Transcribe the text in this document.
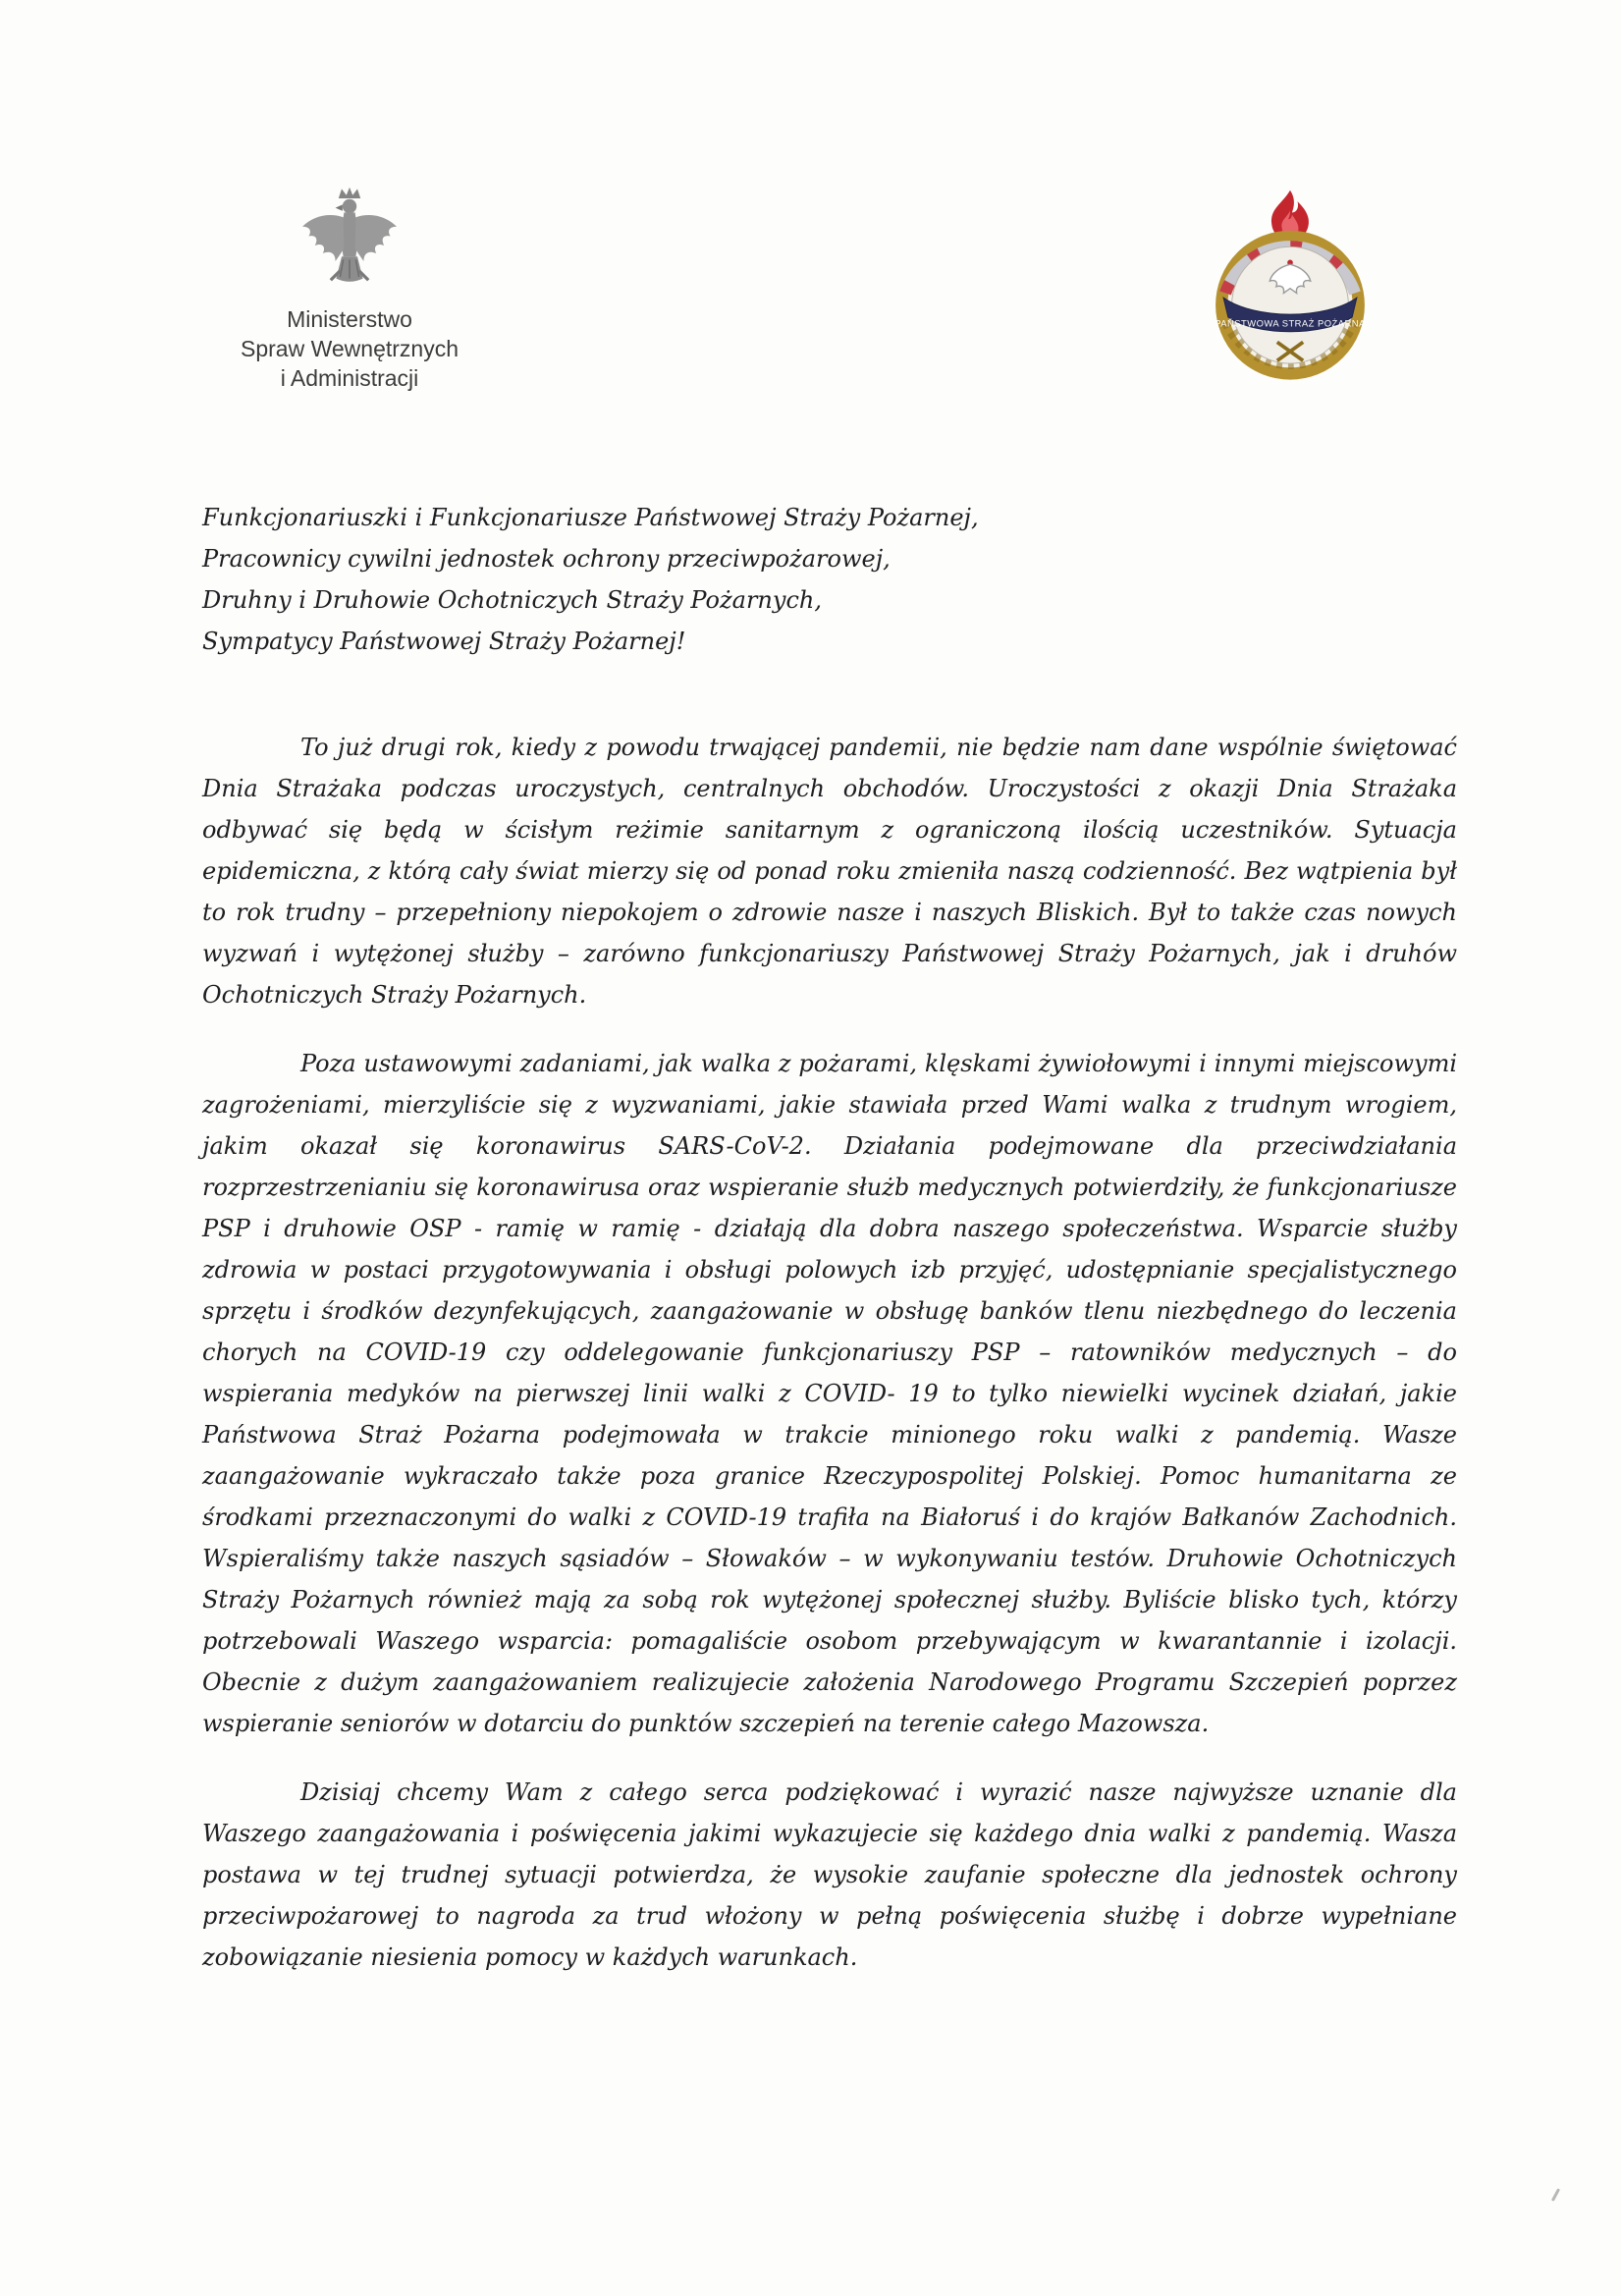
Ministerstwo
Spraw Wewnętrznych
i Administracji
PAŃSTWOWA STRAŻ POŻARNA
Funkcjonariuszki i Funkcjonariusze Państwowej Straży Pożarnej,
Pracownicy cywilni jednostek ochrony przeciwpożarowej,
Druhny i Druhowie Ochotniczych Straży Pożarnych,
Sympatycy Państwowej Straży Pożarnej!

To już drugi rok, kiedy z powodu trwającej pandemii, nie będzie nam dane wspólnie świętować Dnia Strażaka podczas uroczystych, centralnych obchodów. Uroczystości z okazji Dnia Strażaka odbywać się będą w ścisłym reżimie sanitarnym z ograniczoną ilością uczestników. Sytuacja epidemiczna, z którą cały świat mierzy się od ponad roku zmieniła naszą codzienność. Bez wątpienia był to rok trudny – przepełniony niepokojem o zdrowie nasze i naszych Bliskich. Był to także czas nowych wyzwań i wytężonej służby – zarówno funkcjonariuszy Państwowej Straży Pożarnych, jak i druhów Ochotniczych Straży Pożarnych.

Poza ustawowymi zadaniami, jak walka z pożarami, klęskami żywiołowymi i innymi miejscowymi zagrożeniami, mierzyliście się z wyzwaniami, jakie stawiała przed Wami walka z trudnym wrogiem, jakim okazał się koronawirus SARS-CoV-2. Działania podejmowane dla przeciwdziałania rozprzestrzenianiu się koronawirusa oraz wspieranie służb medycznych potwierdziły, że funkcjonariusze PSP i druhowie OSP - ramię w ramię - działają dla dobra naszego społeczeństwa. Wsparcie służby zdrowia w postaci przygotowywania i obsługi polowych izb przyjęć, udostępnianie specjalistycznego sprzętu i środków dezynfekujących, zaangażowanie w obsługę banków tlenu niezbędnego do leczenia chorych na COVID-19 czy oddelegowanie funkcjonariuszy PSP – ratowników medycznych – do wspierania medyków na pierwszej linii walki z COVID- 19 to tylko niewielki wycinek działań, jakie Państwowa Straż Pożarna podejmowała w trakcie minionego roku walki z pandemią. Wasze zaangażowanie wykraczało także poza granice Rzeczypospolitej Polskiej. Pomoc humanitarna ze środkami przeznaczonymi do walki z COVID-19 trafiła na Białoruś i do krajów Bałkanów Zachodnich. Wspieraliśmy także naszych sąsiadów – Słowaków – w wykonywaniu testów. Druhowie Ochotniczych Straży Pożarnych również mają za sobą rok wytężonej społecznej służby. Byliście blisko tych, którzy potrzebowali Waszego wsparcia: pomagaliście osobom przebywającym w kwarantannie i izolacji. Obecnie z dużym zaangażowaniem realizujecie założenia Narodowego Programu Szczepień poprzez wspieranie seniorów w dotarciu do punktów szczepień na terenie całego Mazowsza.

Dzisiaj chcemy Wam z całego serca podziękować i wyrazić nasze najwyższe uznanie dla Waszego zaangażowania i poświęcenia jakimi wykazujecie się każdego dnia walki z pandemią. Wasza postawa w tej trudnej sytuacji potwierdza, że wysokie zaufanie społeczne dla jednostek ochrony przeciwpożarowej to nagroda za trud włożony w pełną poświęcenia służbę i dobrze wypełniane zobowiązanie niesienia pomocy w każdych warunkach.
